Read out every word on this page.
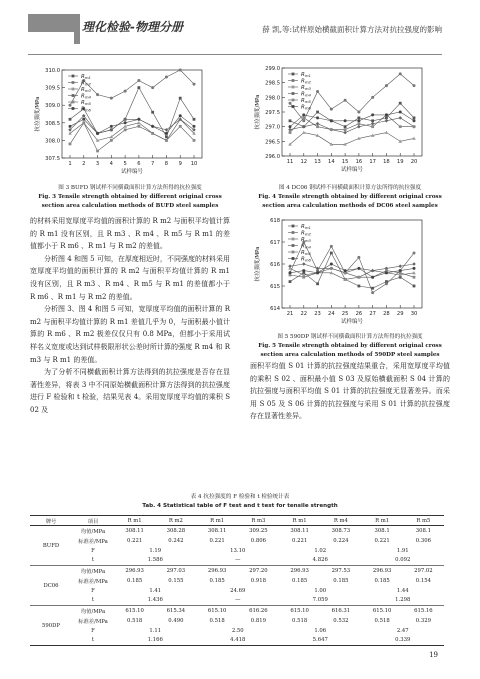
理化检验-物理分册	薛 凯,等:试样原始横截面积计算方法对抗拉强度的影响
310.0
309.5
309.0
308.5
308.0
307.5
1 2 3 4 5 6 7 8 9 10
抗拉强度/MPa
试样编号
$R_{m1}$
$R_{m2}$
$R_{m3}$
$R_{m4}$
$R_{m5}$
$R_{m6}$
图 3 BUFD 钢试样不同横截面积计算方法所得的抗拉强度
Fig. 3 Tensile strength obtained by different original cross
section area calculation methods of BUFD steel samples
299.0
298.5
298.0
297.5
297.0
296.5
296.0
11 12 13 14 15 16 17 18 19 20
抗拉强度/MPa
试样编号
$R_{m1}$
$R_{m2}$
$R_{m3}$
$R_{m4}$
$R_{m5}$
$R_{m6}$
图 4 DC06 钢试样不同横截面积计算方法所得的抗拉强度
Fig. 4 Tensile strength obtained by different original cross
section area calculation methods of DC06 steel samples
618
617
616
615
614
21 22 23 24 25 26 27 28 29 30
抗拉强度/MPa
试样编号
$R_{m1}$
$R_{m2}$
$R_{m3}$
$R_{m4}$
$R_{m5}$
$R_{m6}$
图 5 590DP 钢试样不同横截面积计算方法所得的抗拉强度
Fig. 5 Tensile strength obtained by different original cross
section area calculation methods of 590DP steel samples

的材料采用宽厚度平均值的面积计算的 R m2 与面积平均值计算的 R m1 没有区别，且 R m3 、R m4 、R m5 与 R m1 的差值都小于 R m6 、R m1 与 R m2 的差值。

分析图 4 和图 5 可知，在厚度相近时，不同强度的材料采用宽厚度平均值的面积计算的 R m2 与面积平均值计算的 R m1 没有区别，且 R m3 、R m4 、R m5 与 R m1 的差值都小于 R m6 、R m1 与 R m2 的差值。

分析图 3、图 4 和图 5 可知，宽厚度平均值的面积计算的 R m2 与面积平均值计算的 R m1 差值几乎为 0，与面积最小值计算的 R m6 、R m2 极差仅仅只有 0.8 MPa，但都小于采用试样名义宽度或达到试样极限形状公差时所计算的强度 R m4 和 R m3 与 R m1 的差值。

为了分析不同横截面积计算方法得到的抗拉强度是否存在显著性差异，将表 3 中不同原始横截面积计算方法得到的抗拉强度进行 F 检验和 t 检验，结果见表 4。采用宽厚度平均值的乘积 S 02 及

面积平均值 S 01 计算的抗拉强度结果重合，采用宽厚度平均值的乘积 S 02 、面积最小值 S 03 及原始横截面积 S 04 计算的抗拉强度与面积平均值 S 01 计算的抗拉强度无显著差异。而采用 S 05 及 S 06 计算的抗拉强度与采用 S 01 计算的抗拉强度存在显著性差异。

表 4 抗拉强度的 F 检验和 t 检验统计表
Tab. 4 Statistical table of F test and t test for tensile strength
牌号	项目	R m1	R m2	R m1	R m3	R m1	R m4	R m1	R m5
BUFD	均值/MPa	308.11	308.28	308.11	309.25	308.11	308.73	308.1	308.1
	标准差/MPa	0.221	0.242	0.221	0.806	0.221	0.224	0.221	0.306
	F	1.19		13.10		1.02		1.91	
	t	1.586		—		4.826		0.092	
DC06	均值/MPa	296.93	297.03	296.93	297.20	296.93	297.53	296.93	297.02
	标准差/MPa	0.185	0.155	0.185	0.918	0.185	0.185	0.185	0.154
	F	1.41		24.69		1.00		1.44	
	t	1.436		—		7.059		1.298	
590DP	均值/MPa	615.10	615.34	615.10	616.26	615.10	616.31	615.10	615.16
	标准差/MPa	0.518	0.490	0.518	0.819	0.518	0.532	0.518	0.329
	F	1.11		2.50		1.06		2.47	
	t	1.166		4.418		5.647		0.339	
19
